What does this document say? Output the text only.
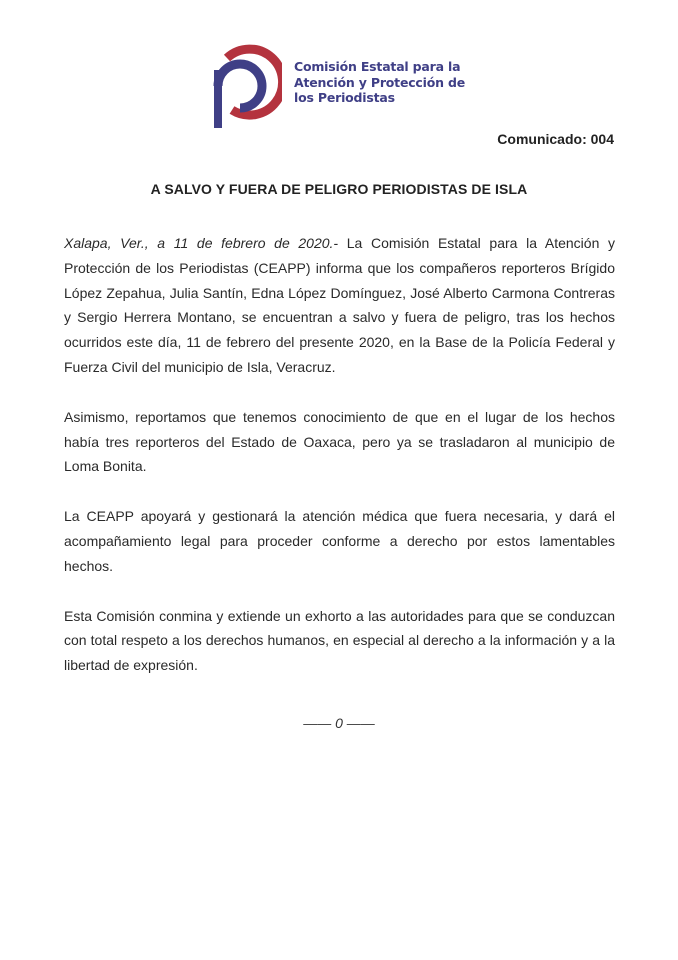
Comisión Estatal para la
Atención y Protección de
los Periodistas
Comunicado: 004
A SALVO Y FUERA DE PELIGRO PERIODISTAS DE ISLA

Xalapa, Ver., a 11 de febrero de 2020.- La Comisión Estatal para la Atención y Protección de los Periodistas (CEAPP) informa que los compañeros reporteros Brígido López Zepahua, Julia Santín, Edna López Domínguez, José Alberto Carmona Contreras y Sergio Herrera Montano, se encuentran a salvo y fuera de peligro, tras los hechos ocurridos este día, 11 de febrero del presente 2020, en la Base de la Policía Federal y Fuerza Civil del municipio de Isla, Veracruz.

Asimismo, reportamos que tenemos conocimiento de que en el lugar de los hechos había tres reporteros del Estado de Oaxaca, pero ya se trasladaron al municipio de Loma Bonita.

La CEAPP apoyará y gestionará la atención médica que fuera necesaria, y dará el acompañamiento legal para proceder conforme a derecho por estos lamentables hechos.

Esta Comisión conmina y extiende un exhorto a las autoridades para que se conduzcan con total respeto a los derechos humanos, en especial al derecho a la información y a la libertad de expresión.

—— 0 ——
